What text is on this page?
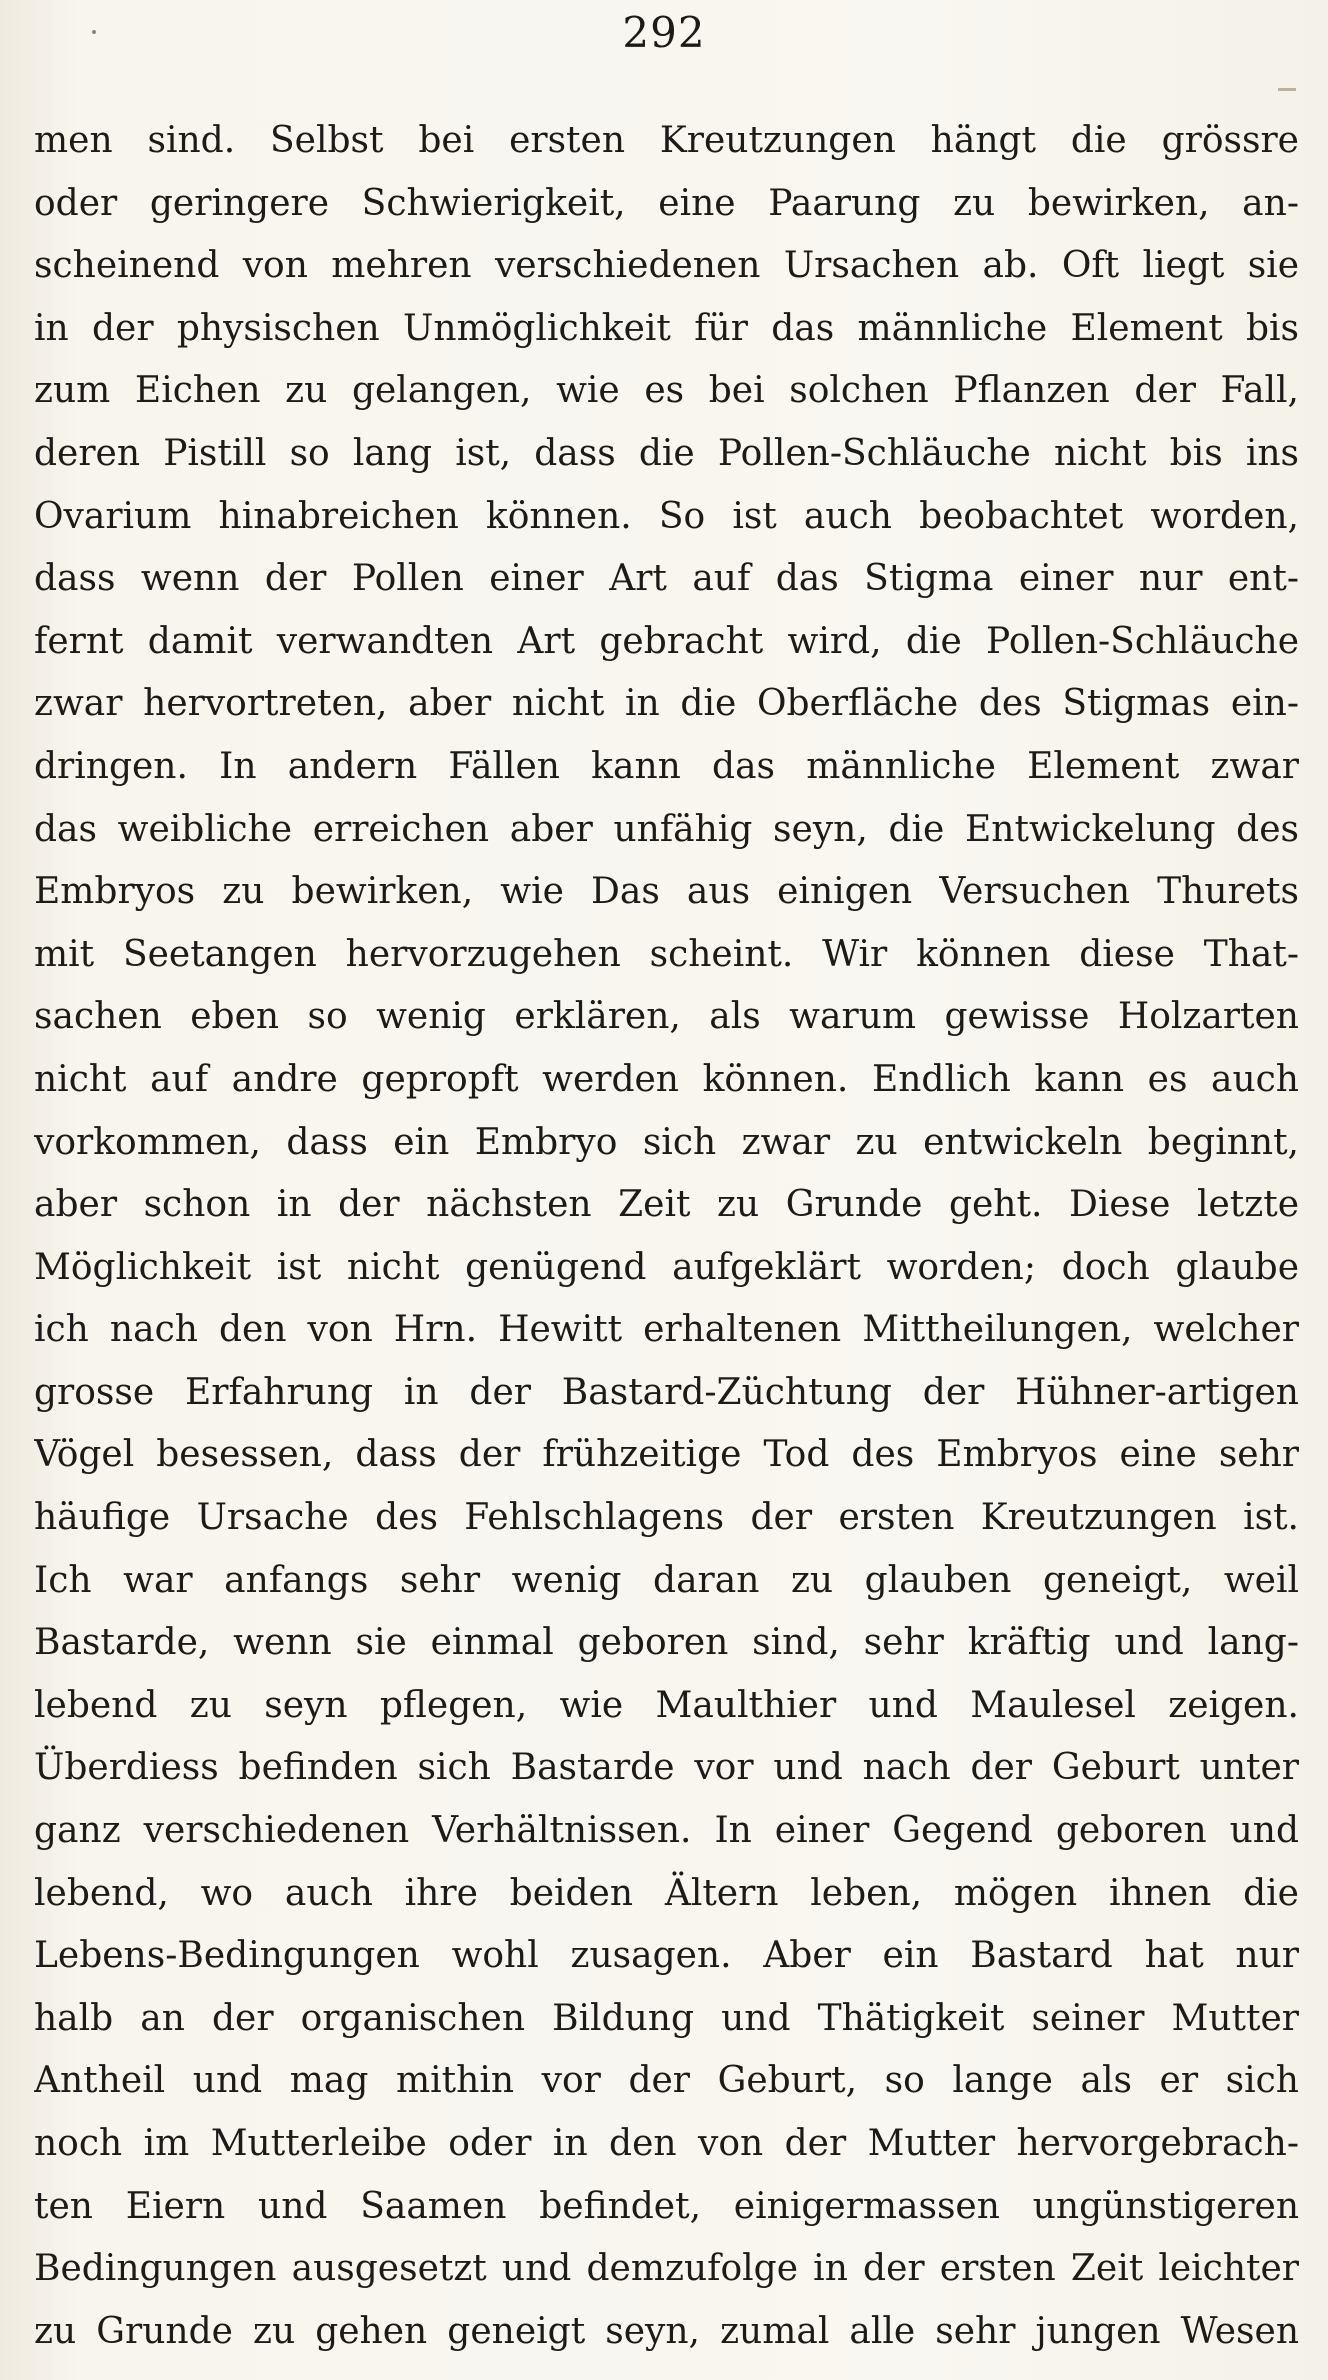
292
men sind. Selbst bei ersten Kreutzungen hängt die grössre
oder geringere Schwierigkeit, eine Paarung zu bewirken, an-
scheinend von mehren verschiedenen Ursachen ab. Oft liegt sie
in der physischen Unmöglichkeit für das männliche Element bis
zum Eichen zu gelangen, wie es bei solchen Pflanzen der Fall,
deren Pistill so lang ist, dass die Pollen-Schläuche nicht bis ins
Ovarium hinabreichen können. So ist auch beobachtet worden,
dass wenn der Pollen einer Art auf das Stigma einer nur ent-
fernt damit verwandten Art gebracht wird, die Pollen-Schläuche
zwar hervortreten, aber nicht in die Oberfläche des Stigmas ein-
dringen. In andern Fällen kann das männliche Element zwar
das weibliche erreichen aber unfähig seyn, die Entwickelung des
Embryos zu bewirken, wie Das aus einigen Versuchen Thurets
mit Seetangen hervorzugehen scheint. Wir können diese That-
sachen eben so wenig erklären, als warum gewisse Holzarten
nicht auf andre gepropft werden können. Endlich kann es auch
vorkommen, dass ein Embryo sich zwar zu entwickeln beginnt,
aber schon in der nächsten Zeit zu Grunde geht. Diese letzte
Möglichkeit ist nicht genügend aufgeklärt worden; doch glaube
ich nach den von Hrn. Hewitt erhaltenen Mittheilungen, welcher
grosse Erfahrung in der Bastard-Züchtung der Hühner-artigen
Vögel besessen, dass der frühzeitige Tod des Embryos eine sehr
häufige Ursache des Fehlschlagens der ersten Kreutzungen ist.
Ich war anfangs sehr wenig daran zu glauben geneigt, weil
Bastarde, wenn sie einmal geboren sind, sehr kräftig und lang-
lebend zu seyn pflegen, wie Maulthier und Maulesel zeigen.
Überdiess befinden sich Bastarde vor und nach der Geburt unter
ganz verschiedenen Verhältnissen. In einer Gegend geboren und
lebend, wo auch ihre beiden Ältern leben, mögen ihnen die
Lebens-Bedingungen wohl zusagen. Aber ein Bastard hat nur
halb an der organischen Bildung und Thätigkeit seiner Mutter
Antheil und mag mithin vor der Geburt, so lange als er sich
noch im Mutterleibe oder in den von der Mutter hervorgebrach-
ten Eiern und Saamen befindet, einigermassen ungünstigeren
Bedingungen ausgesetzt und demzufolge in der ersten Zeit leichter
zu Grunde zu gehen geneigt seyn, zumal alle sehr jungen Wesen
